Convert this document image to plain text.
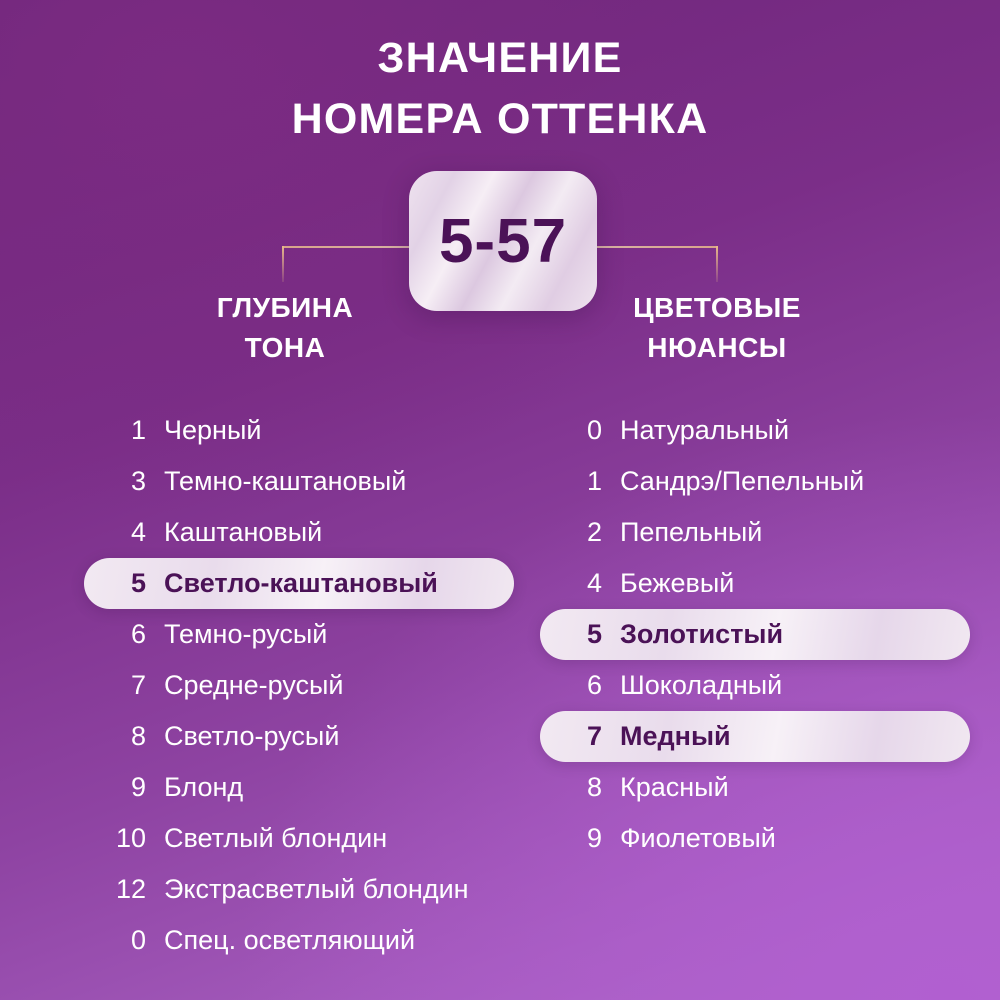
ЗНАЧЕНИЕ
НОМЕРА ОТТЕНКА
5-57
ГЛУБИНА
ТОНА
ЦВЕТОВЫЕ
НЮАНСЫ
1 Черный
3 Темно-каштановый
4 Каштановый
5 Светло-каштановый
6 Темно-русый
7 Средне-русый
8 Светло-русый
9 Блонд
10 Светлый блондин
12 Экстрасветлый блондин
0 Спец. осветляющий
0 Натуральный
1 Сандрэ/Пепельный
2 Пепельный
4 Бежевый
5 Золотистый
6 Шоколадный
7 Медный
8 Красный
9 Фиолетовый
